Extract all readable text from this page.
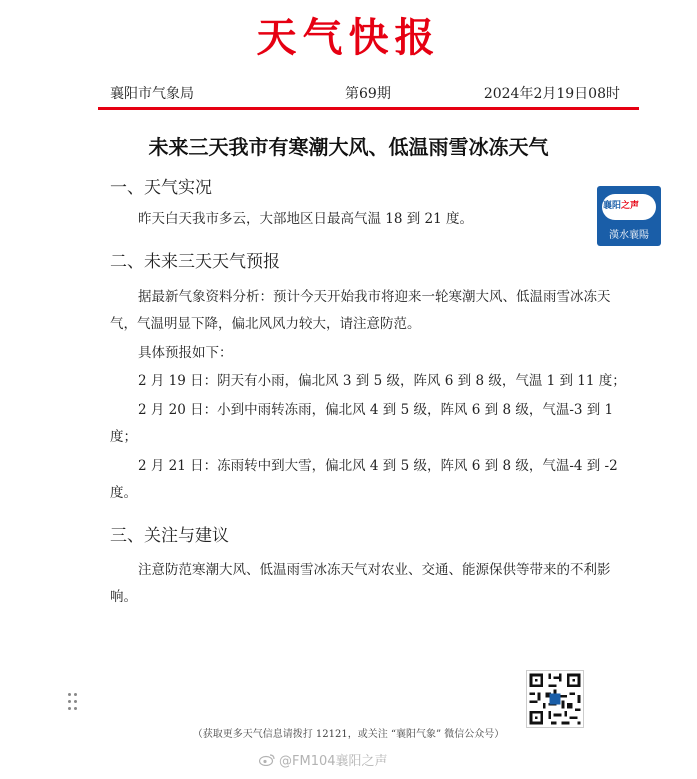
天气快报
襄阳市气象局	第69期	2024年2月19日08时
未来三天我市有寒潮大风、低温雨雪冰冻天气
一、天气实况

昨天白天我市多云，大部地区日最高气温 18 到 21 度。

二、未来三天天气预报

据最新气象资料分析：预计今天开始我市将迎来一轮寒潮大风、低温雨雪冰冻天气，气温明显下降，偏北风风力较大，请注意防范。

具体预报如下：

2 月 19 日：阴天有小雨，偏北风 3 到 5 级，阵风 6 到 8 级，气温 1 到 11 度；

2 月 20 日：小到中雨转冻雨，偏北风 4 到 5 级，阵风 6 到 8 级，气温-3 到 1 度；

2 月 21 日：冻雨转中到大雪，偏北风 4 到 5 级，阵风 6 到 8 级，气温-4 到 -2 度。

三、关注与建议

注意防范寒潮大风、低温雨雪冰冻天气对农业、交通、能源保供等带来的不利影响。

襄阳之声
漢水襄陽
（获取更多天气信息请拨打 12121，或关注 “襄阳气象” 微信公众号）
@FM104襄阳之声
